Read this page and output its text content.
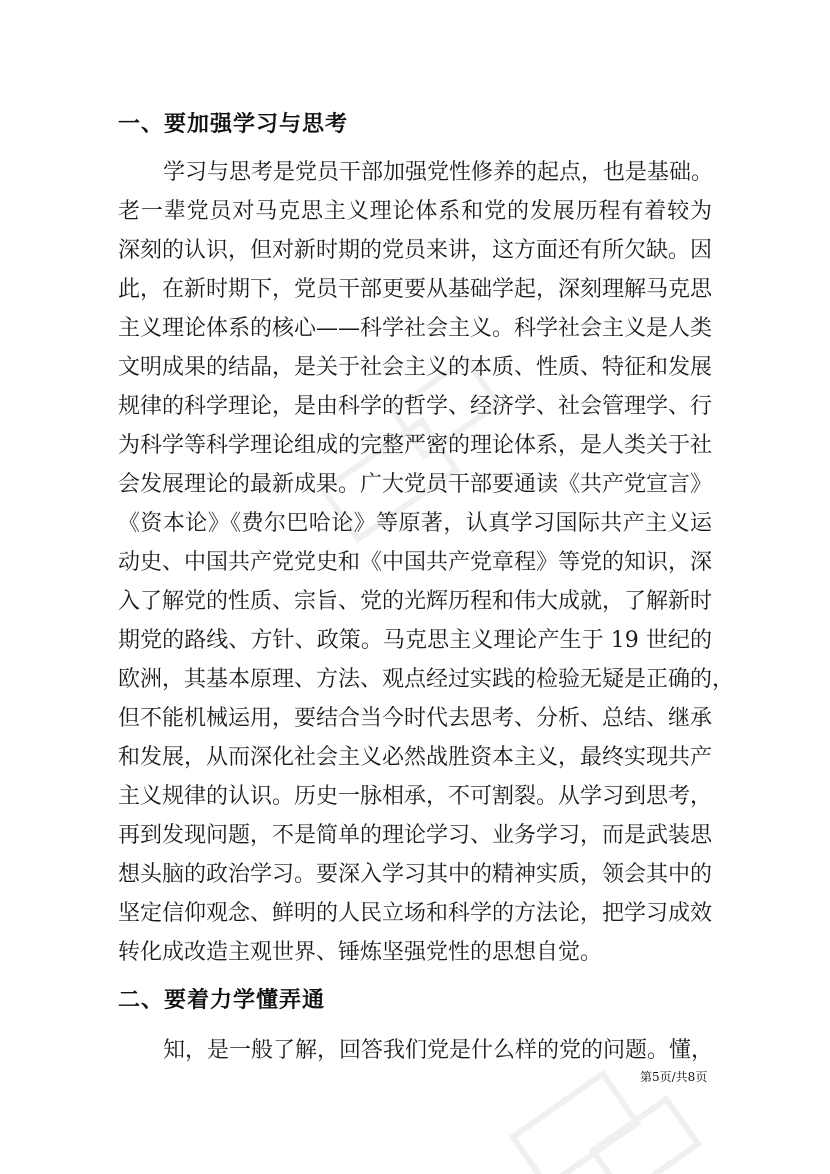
一、要加强学习与思考
学习与思考是党员干部加强党性修养的起点，也是基础。
老一辈党员对马克思主义理论体系和党的发展历程有着较为
深刻的认识，但对新时期的党员来讲，这方面还有所欠缺。因
此，在新时期下，党员干部更要从基础学起，深刻理解马克思
主义理论体系的核心——科学社会主义。科学社会主义是人类
文明成果的结晶，是关于社会主义的本质、性质、特征和发展
规律的科学理论，是由科学的哲学、经济学、社会管理学、行
为科学等科学理论组成的完整严密的理论体系，是人类关于社
会发展理论的最新成果。广大党员干部要通读《共产党宣言》
《资本论》《费尔巴哈论》等原著，认真学习国际共产主义运
动史、中国共产党党史和《中国共产党章程》等党的知识，深
入了解党的性质、宗旨、党的光辉历程和伟大成就，了解新时
期党的路线、方针、政策。马克思主义理论产生于 19 世纪的
欧洲，其基本原理、方法、观点经过实践的检验无疑是正确的，
但不能机械运用，要结合当今时代去思考、分析、总结、继承
和发展，从而深化社会主义必然战胜资本主义，最终实现共产
主义规律的认识。历史一脉相承，不可割裂。从学习到思考，
再到发现问题，不是简单的理论学习、业务学习，而是武装思
想头脑的政治学习。要深入学习其中的精神实质，领会其中的
坚定信仰观念、鲜明的人民立场和科学的方法论，把学习成效
转化成改造主观世界、锤炼坚强党性的思想自觉。
二、要着力学懂弄通
知，是一般了解，回答我们党是什么样的党的问题。懂，
第5页/共8页
